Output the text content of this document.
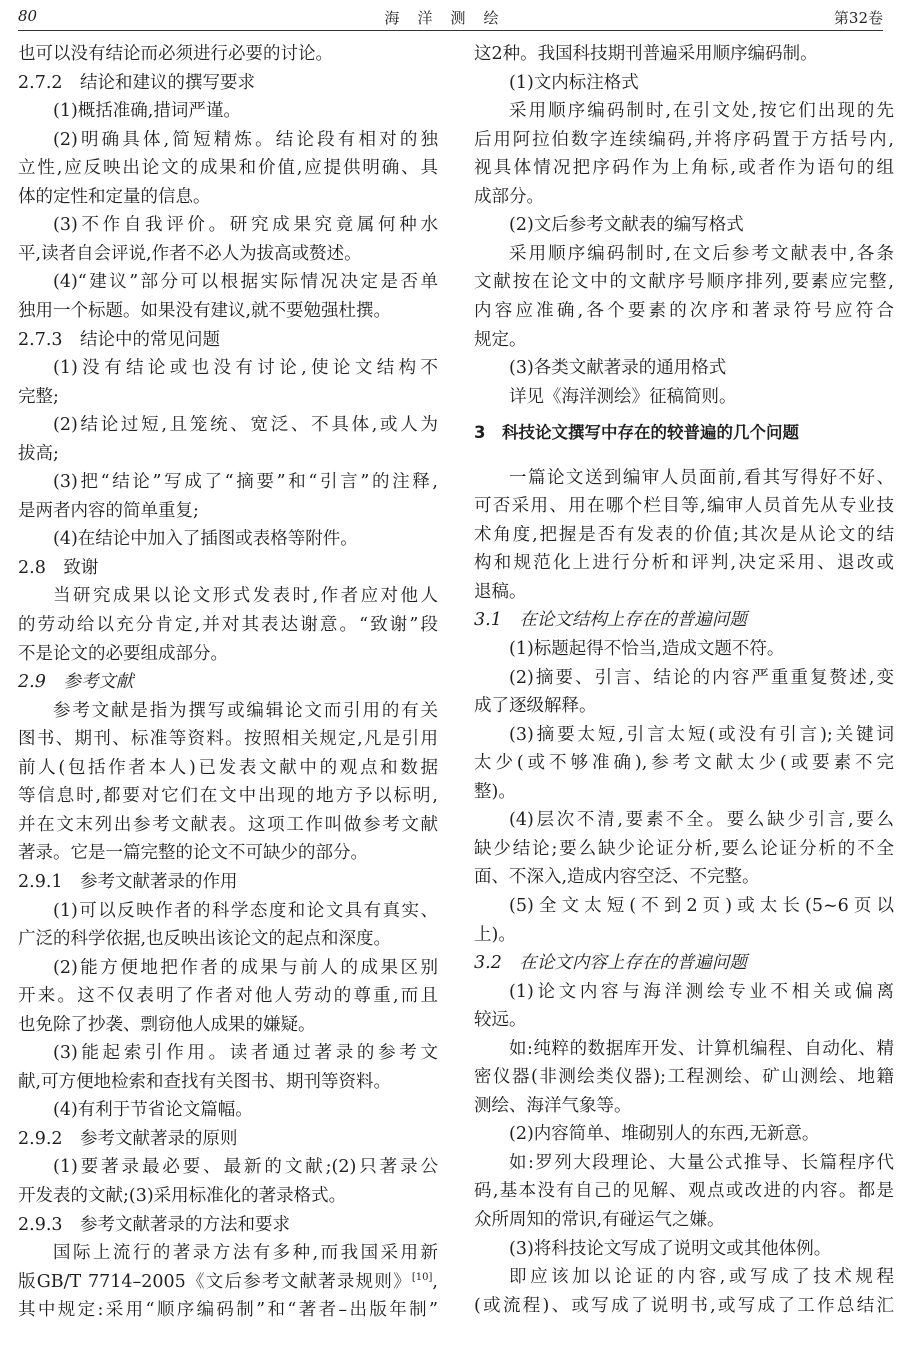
80	海洋测绘	第32卷
也可以没有结论而必须进行必要的讨论。
2.7.2　结论和建议的撰写要求
(1)概括准确,措词严谨。
(2)明确具体,简短精炼。结论段有相对的独
立性,应反映出论文的成果和价值,应提供明确、具
体的定性和定量的信息。
(3)不作自我评价。研究成果究竟属何种水
平,读者自会评说,作者不必人为拔高或赘述。
(4)“建议”部分可以根据实际情况决定是否单
独用一个标题。如果没有建议,就不要勉强杜撰。
2.7.3　结论中的常见问题
(1)没有结论或也没有讨论,使论文结构不
完整;
(2)结论过短,且笼统、宽泛、不具体,或人为
拔高;
(3)把“结论”写成了“摘要”和“引言”的注释,
是两者内容的简单重复;
(4)在结论中加入了插图或表格等附件。
2.8　致谢
当研究成果以论文形式发表时,作者应对他人
的劳动给以充分肯定,并对其表达谢意。“致谢”段
不是论文的必要组成部分。
2.9　参考文献
参考文献是指为撰写或编辑论文而引用的有关
图书、期刊、标准等资料。按照相关规定,凡是引用
前人(包括作者本人)已发表文献中的观点和数据
等信息时,都要对它们在文中出现的地方予以标明,
并在文末列出参考文献表。这项工作叫做参考文献
著录。它是一篇完整的论文不可缺少的部分。
2.9.1　参考文献著录的作用
(1)可以反映作者的科学态度和论文具有真实、
广泛的科学依据,也反映出该论文的起点和深度。
(2)能方便地把作者的成果与前人的成果区别
开来。这不仅表明了作者对他人劳动的尊重,而且
也免除了抄袭、剽窃他人成果的嫌疑。
(3)能起索引作用。读者通过著录的参考文
献,可方便地检索和查找有关图书、期刊等资料。
(4)有利于节省论文篇幅。
2.9.2　参考文献著录的原则
(1)要著录最必要、最新的文献;(2)只著录公
开发表的文献;(3)采用标准化的著录格式。
2.9.3　参考文献著录的方法和要求
国际上流行的著录方法有多种,而我国采用新
版GB/T 7714–2005《文后参考文献著录规则》[10],
其中规定:采用“顺序编码制”和“著者–出版年制”
这2种。我国科技期刊普遍采用顺序编码制。
(1)文内标注格式
采用顺序编码制时,在引文处,按它们出现的先
后用阿拉伯数字连续编码,并将序码置于方括号内,
视具体情况把序码作为上角标,或者作为语句的组
成部分。
(2)文后参考文献表的编写格式
采用顺序编码制时,在文后参考文献表中,各条
文献按在论文中的文献序号顺序排列,要素应完整,
内容应准确,各个要素的次序和著录符号应符合
规定。
(3)各类文献著录的通用格式
详见《海洋测绘》征稿简则。
3　科技论文撰写中存在的较普遍的几个问题
一篇论文送到编审人员面前,看其写得好不好、
可否采用、用在哪个栏目等,编审人员首先从专业技
术角度,把握是否有发表的价值;其次是从论文的结
构和规范化上进行分析和评判,决定采用、退改或
退稿。
3.1　在论文结构上存在的普遍问题
(1)标题起得不恰当,造成文题不符。
(2)摘要、引言、结论的内容严重重复赘述,变
成了逐级解释。
(3)摘要太短,引言太短(或没有引言);关键词
太少(或不够准确),参考文献太少(或要素不完
整)。
(4)层次不清,要素不全。要么缺少引言,要么
缺少结论;要么缺少论证分析,要么论证分析的不全
面、不深入,造成内容空泛、不完整。
(5)全文太短(不到2页)或太长(5~6页以
上)。
3.2　在论文内容上存在的普遍问题
(1)论文内容与海洋测绘专业不相关或偏离
较远。
如:纯粹的数据库开发、计算机编程、自动化、精
密仪器(非测绘类仪器);工程测绘、矿山测绘、地籍
测绘、海洋气象等。
(2)内容简单、堆砌别人的东西,无新意。
如:罗列大段理论、大量公式推导、长篇程序代
码,基本没有自己的见解、观点或改进的内容。都是
众所周知的常识,有碰运气之嫌。
(3)将科技论文写成了说明文或其他体例。
即应该加以论证的内容,或写成了技术规程
(或流程)、或写成了说明书,或写成了工作总结汇
